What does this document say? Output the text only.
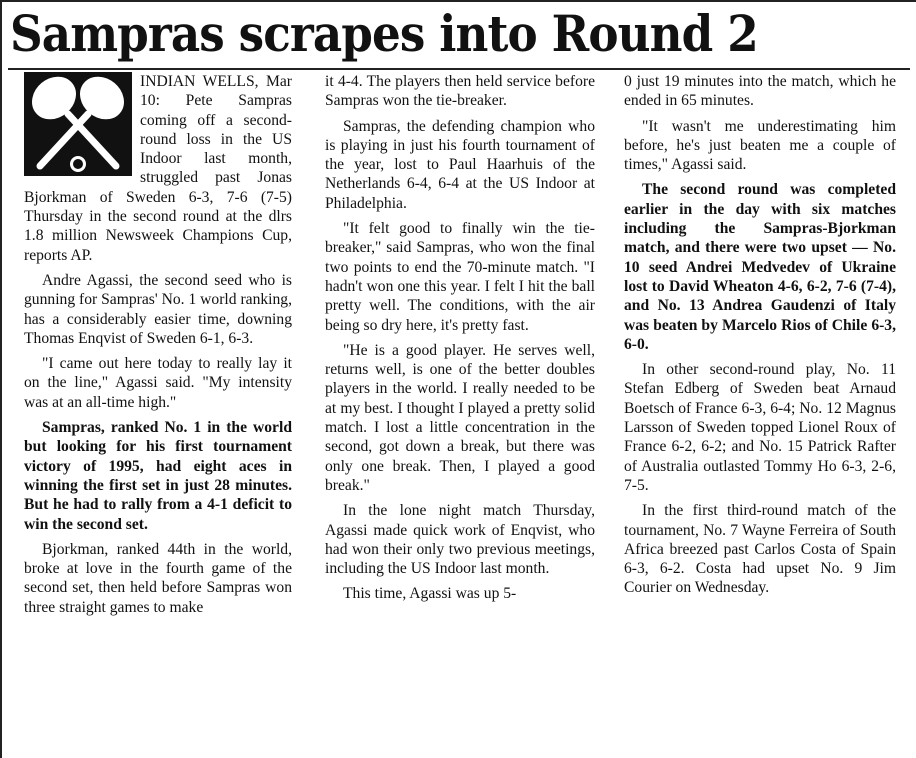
Sampras scrapes into Round 2

INDIAN WELLS, Mar 10: Pete Sampras coming off a second-round loss in the US Indoor last month, struggled past Jonas Bjorkman of Sweden 6-3, 7-6 (7-5) Thursday in the second round at the dlrs 1.8 million Newsweek Champions Cup, reports AP.

Andre Agassi, the second seed who is gunning for Sampras' No. 1 world ranking, has a considerably easier time, downing Thomas Enqvist of Sweden 6-1, 6-3.

"I came out here today to really lay it on the line," Agassi said. "My intensity was at an all-time high."

Sampras, ranked No. 1 in the world but looking for his first tournament victory of 1995, had eight aces in winning the first set in just 28 minutes. But he had to rally from a 4-1 deficit to win the second set.

Bjorkman, ranked 44th in the world, broke at love in the fourth game of the second set, then held before Sampras won three straight games to make

it 4-4. The players then held service before Sampras won the tie-breaker.

Sampras, the defending champion who is playing in just his fourth tournament of the year, lost to Paul Haarhuis of the Netherlands 6-4, 6-4 at the US Indoor at Philadelphia.

"It felt good to finally win the tie-breaker," said Sampras, who won the final two points to end the 70-minute match. "I hadn't won one this year. I felt I hit the ball pretty well. The conditions, with the air being so dry here, it's pretty fast.

"He is a good player. He serves well, returns well, is one of the better doubles players in the world. I really needed to be at my best. I thought I played a pretty solid match. I lost a little concentration in the second, got down a break, but there was only one break. Then, I played a good break."

In the lone night match Thursday, Agassi made quick work of Enqvist, who had won their only two previous meetings, including the US Indoor last month.

This time, Agassi was up 5-

0 just 19 minutes into the match, which he ended in 65 minutes.

"It wasn't me underestimating him before, he's just beaten me a couple of times," Agassi said.

The second round was completed earlier in the day with six matches including the Sampras-Bjorkman match, and there were two upset — No. 10 seed Andrei Medvedev of Ukraine lost to David Wheaton 4-6, 6-2, 7-6 (7-4), and No. 13 Andrea Gaudenzi of Italy was beaten by Marcelo Rios of Chile 6-3, 6-0.

In other second-round play, No. 11 Stefan Edberg of Sweden beat Arnaud Boetsch of France 6-3, 6-4; No. 12 Magnus Larsson of Sweden topped Lionel Roux of France 6-2, 6-2; and No. 15 Patrick Rafter of Australia outlasted Tommy Ho 6-3, 2-6, 7-5.

In the first third-round match of the tournament, No. 7 Wayne Ferreira of South Africa breezed past Carlos Costa of Spain 6-3, 6-2. Costa had upset No. 9 Jim Courier on Wednesday.
